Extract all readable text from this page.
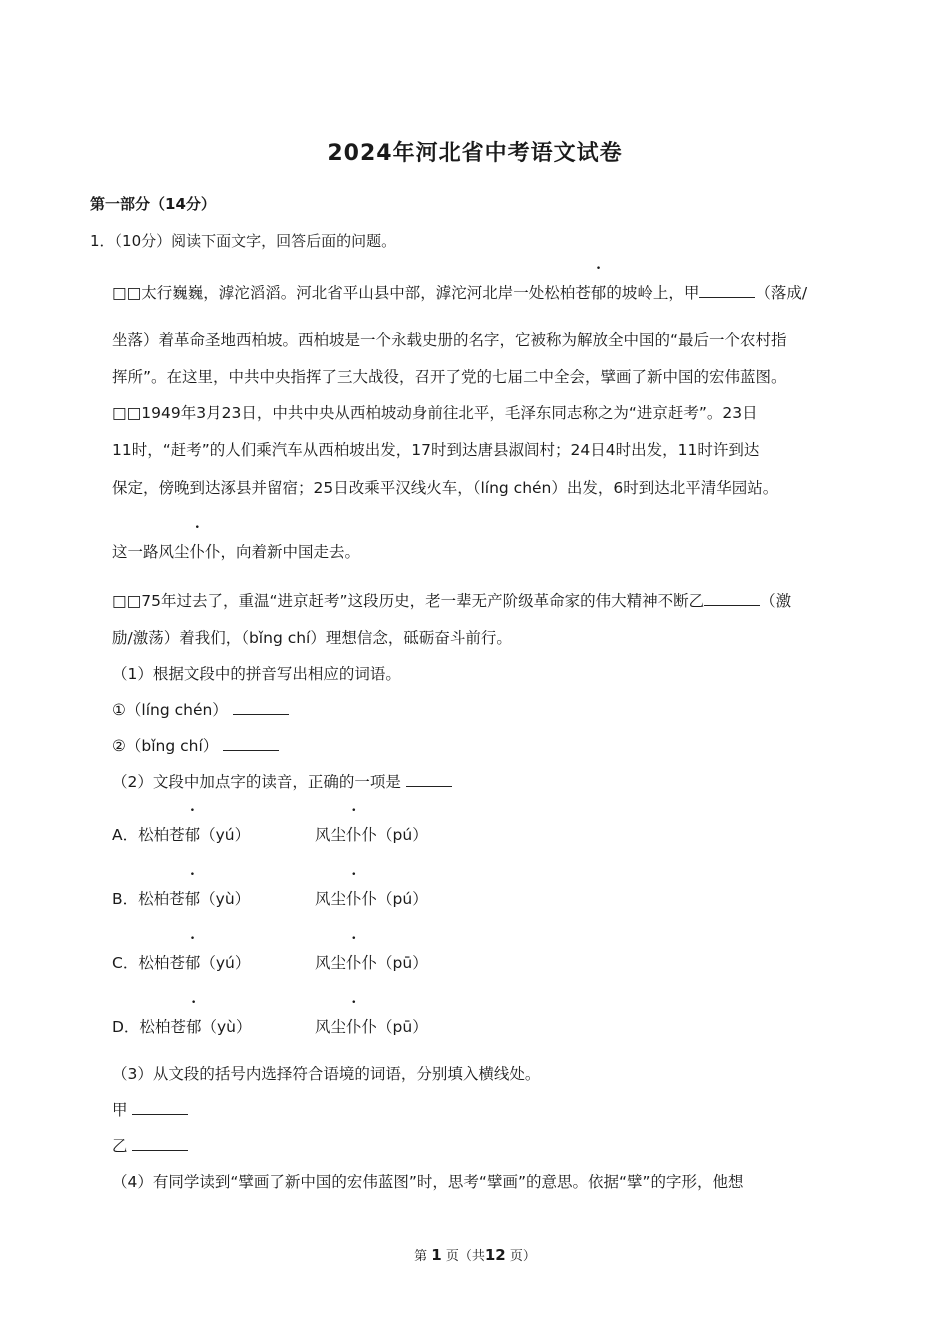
2024年河北省中考语文试卷
第一部分（14分）
1．（10分）阅读下面文字，回答后面的问题。
□□太行巍巍，滹沱滔滔。河北省平山县中部，滹沱河北岸一处松柏苍郁的坡岭上，甲	（落成/
坐落）着革命圣地西柏坡。西柏坡是一个永载史册的名字，它被称为解放全中国的“最后一个农村指
挥所”。在这里，中共中央指挥了三大战役，召开了党的七届二中全会，擘画了新中国的宏伟蓝图。
□□1949年3月23日，中共中央从西柏坡动身前往北平，毛泽东同志称之为“进京赶考”。23日
11时，“赶考”的人们乘汽车从西柏坡出发，17时到达唐县淑闾村；24日4时出发，11时许到达
保定，傍晚到达涿县并留宿；25日改乘平汉线火车，（líng chén）出发，6时到达北平清华园站。
这一路风尘仆仆，向着新中国走去。
□□75年过去了，重温“进京赶考”这段历史，老一辈无产阶级革命家的伟大精神不断乙	（激
励/激荡）着我们，（bǐng chí）理想信念，砥砺奋斗前行。
（1）根据文段中的拼音写出相应的词语。
①（líng chén）
②（bǐng chí）
（2）文段中加点字的读音，正确的一项是
A．松柏苍郁（yú）	风尘仆仆（pú）
B．松柏苍郁（yù）	风尘仆仆（pú）
C．松柏苍郁（yú）	风尘仆仆（pū）
D．松柏苍郁（yù）	风尘仆仆（pū）
（3）从文段的括号内选择符合语境的词语，分别填入横线处。
甲
乙
（4）有同学读到“擘画了新中国的宏伟蓝图”时，思考“擘画”的意思。依据“擘”的字形，他想
第 1 页（共12 页）
